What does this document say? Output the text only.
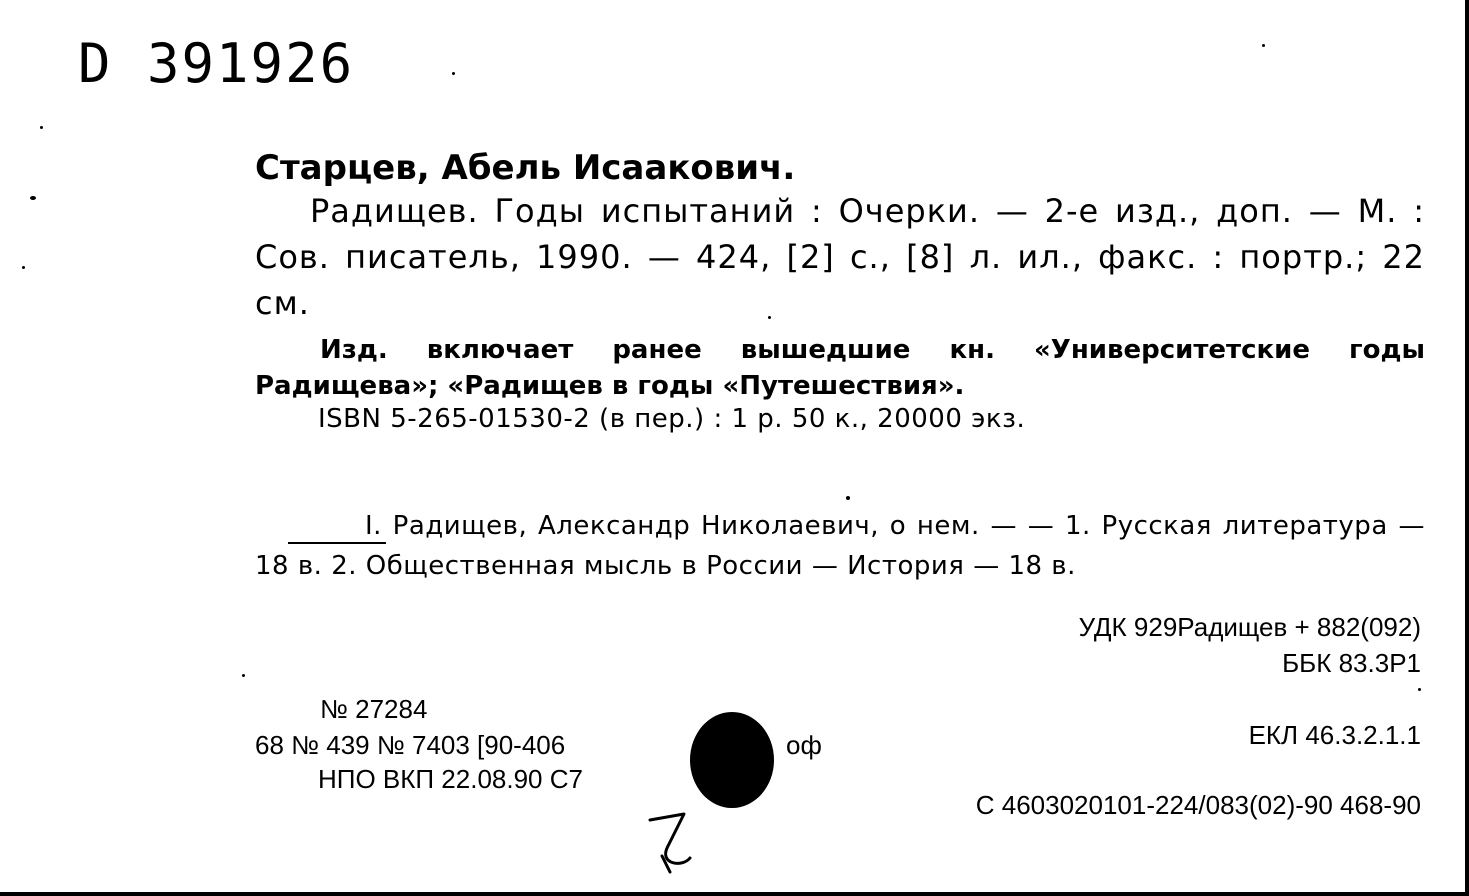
D 391926
Старцев, Абель Исаакович.
Радищев. Годы испытаний : Очерки. — 2-е изд., доп. — М. : Сов. писатель, 1990. — 424, [2] с., [8] л. ил., факс. : портр.; 22 см.
Изд. включает ранее вышедшие кн. «Университетские годы Радищева»; «Радищев в годы «Путешествия».
ISBN 5-265-01530-2 (в пер.) : 1 р. 50 к., 20000 экз.
I. Радищев, Александр Николаевич, о нем. — — 1. Русская литература — 18 в. 2. Общественная мысль в России — История — 18 в.
УДК 929Радищев + 882(092)
ББК 83.3Р1
№ 27284
68 № 439 № 7403 [90-406
НПО ВКП 22.08.90 С7
оф	ЕКЛ 46.3.2.1.1
С 4603020101-224/083(02)-90 468-90
